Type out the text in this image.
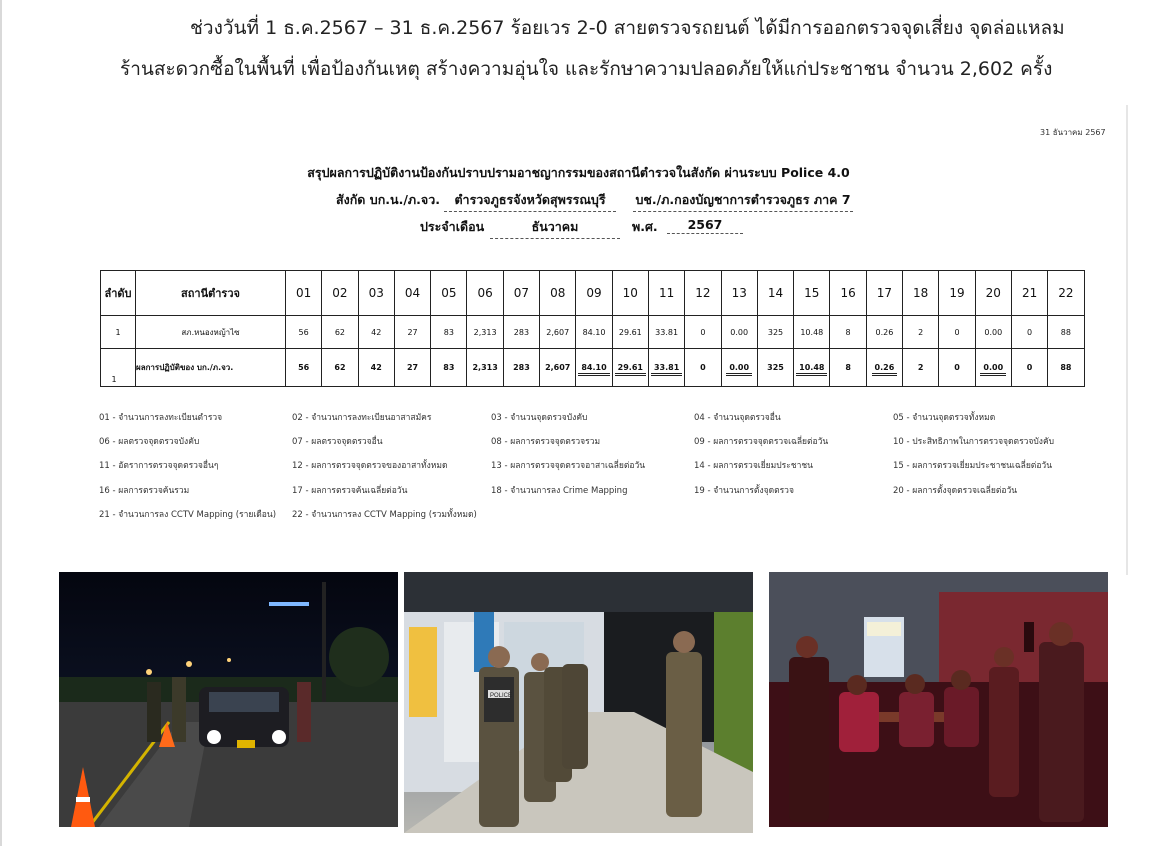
ช่วงวันที่ 1 ธ.ค.2567 – 31 ธ.ค.2567 ร้อยเวร 2-0 สายตรวจรถยนต์ ได้มีการออกตรวจจุดเสี่ยง จุดล่อแหลม
ร้านสะดวกซื้อในพื้นที่ เพื่อป้องกันเหตุ สร้างความอุ่นใจ และรักษาความปลอดภัยให้แก่ประชาชน จำนวน 2,602 ครั้ง
31 ธันวาคม 2567
สรุปผลการปฏิบัติงานป้องกันปราบปรามอาชญากรรมของสถานีตำรวจในสังกัด ผ่านระบบ Police 4.0
สังกัด บก.น./ภ.จว.	ตำรวจภูธรจังหวัดสุพรรณบุรี	บช./ภ.กองบัญชาการตำรวจภูธร ภาค 7
ประจำเดือน	ธันวาคม	พ.ศ.	2567
ลำดับ	สถานีตำรวจ	01	02	03	04	05	06	07	08	09	10	11	12	13	14	15	16	17	18	19	20	21	22
1	สภ.หนองหญ้าไซ	56	62	42	27	83	2,313	283	2,607	84.10	29.61	33.81	0	0.00	325	10.48	8	0.26	2	0	0.00	0	88
1	ผลการปฏิบัติของ บก./ภ.จว.	56	62	42	27	83	2,313	283	2,607	84.10	29.61	33.81	0	0.00	325	10.48	8	0.26	2	0	0.00	0	88
01 - จำนวนการลงทะเบียนตำรวจ	02 - จำนวนการลงทะเบียนอาสาสมัคร	03 - จำนวนจุดตรวจบังคับ	04 - จำนวนจุดตรวจอื่น	05 - จำนวนจุดตรวจทั้งหมด
06 - ผลตรวจจุดตรวจบังคับ	07 - ผลตรวจจุดตรวจอื่น	08 - ผลการตรวจจุดตรวจรวม	09 - ผลการตรวจจุดตรวจเฉลี่ยต่อวัน	10 - ประสิทธิภาพในการตรวจจุดตรวจบังคับ
11 - อัตราการตรวจจุดตรวจอื่นๆ	12 - ผลการตรวจจุดตรวจของอาสาทั้งหมด	13 - ผลการตรวจจุดตรวจอาสาเฉลี่ยต่อวัน	14 - ผลการตรวจเยี่ยมประชาชน	15 - ผลการตรวจเยี่ยมประชาชนเฉลี่ยต่อวัน
16 - ผลการตรวจค้นรวม	17 - ผลการตรวจค้นเฉลี่ยต่อวัน	18 - จำนวนการลง Crime Mapping	19 - จำนวนการตั้งจุดตรวจ	20 - ผลการตั้งจุดตรวจเฉลี่ยต่อวัน
21 - จำนวนการลง CCTV Mapping (รายเดือน) 22 - จำนวนการลง CCTV Mapping (รวมทั้งหมด)
POLICE
